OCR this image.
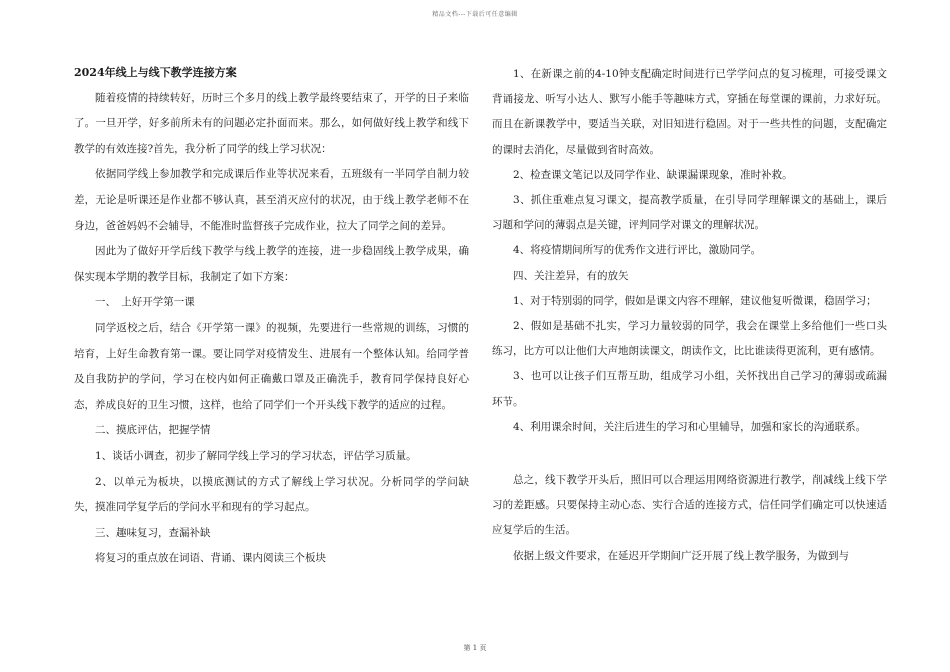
精品文档---下载后可任意编辑

2024年线上与线下教学连接方案

随着疫情的持续转好，历时三个多月的线上教学最终要结束了，开学的日子来临了。一旦开学，好多前所未有的问题必定扑面而来。那么，如何做好线上教学和线下教学的有效连接?首先，我分析了同学的线上学习状况：

依据同学线上参加教学和完成课后作业等状况来看，五班级有一半同学自制力较差，无论是听课还是作业都不够认真，甚至消灭应付的状况，由于线上教学老师不在身边，爸爸妈妈不会辅导，不能准时监督孩子完成作业，拉大了同学之间的差异。

因此为了做好开学后线下教学与线上教学的连接，进一步稳固线上教学成果，确保实现本学期的教学目标，我制定了如下方案：

一、　上好开学第一课

同学返校之后，结合《开学第一课》的视频，先要进行一些常规的训练，习惯的培育，上好生命教育第一课。要让同学对疫情发生、进展有一个整体认知。给同学普及自我防护的学问，学习在校内如何正确戴口罩及正确洗手，教育同学保持良好心态，养成良好的卫生习惯，这样，也给了同学们一个开头线下教学的适应的过程。

二、摸底评估，把握学情

1、谈话小调查，初步了解同学线上学习的学习状态，评估学习质量。

2、以单元为板块，以摸底测试的方式了解线上学习状况。分析同学的学问缺失，摸准同学复学后的学问水平和现有的学习起点。

三、趣味复习，查漏补缺

将复习的重点放在词语、背诵、课内阅读三个板块

1、在新课之前的4-10钟支配确定时间进行已学学问点的复习梳理，可接受课文背诵接龙、听写小达人、默写小能手等趣味方式，穿插在每堂课的课前，力求好玩。而且在新课教学中，要适当关联，对旧知进行稳固。对于一些共性的问题，支配确定的课时去消化，尽量做到省时高效。

2、检查课文笔记以及同学作业、缺课漏课现象，准时补救。

3、抓住重难点复习课文，提高教学质量，在引导同学理解课文的基础上，课后习题和学问的薄弱点是关键，评判同学对课文的理解状况。

4、将疫情期间所写的优秀作文进行评比，激励同学。

四、关注差异，有的放矢

1、对于特别弱的同学，假如是课文内容不理解，建议他复听微课，稳固学习；

2、假如是基础不扎实，学习力量较弱的同学，我会在课堂上多给他们一些口头练习，比方可以让他们大声地朗读课文，朗读作文，比比谁读得更流利，更有感情。

3、也可以让孩子们互帮互助，组成学习小组，关怀找出自己学习的薄弱或疏漏环节。

4、利用课余时间，关注后进生的学习和心里辅导，加强和家长的沟通联系。

总之，线下教学开头后，照旧可以合理运用网络资源进行教学，削减线上线下学习的差距感。只要保持主动心态、实行合适的连接方式，信任同学们确定可以快速适应复学后的生活。

依据上级文件要求，在延迟开学期间广泛开展了线上教学服务，为做到与

第 1 页
